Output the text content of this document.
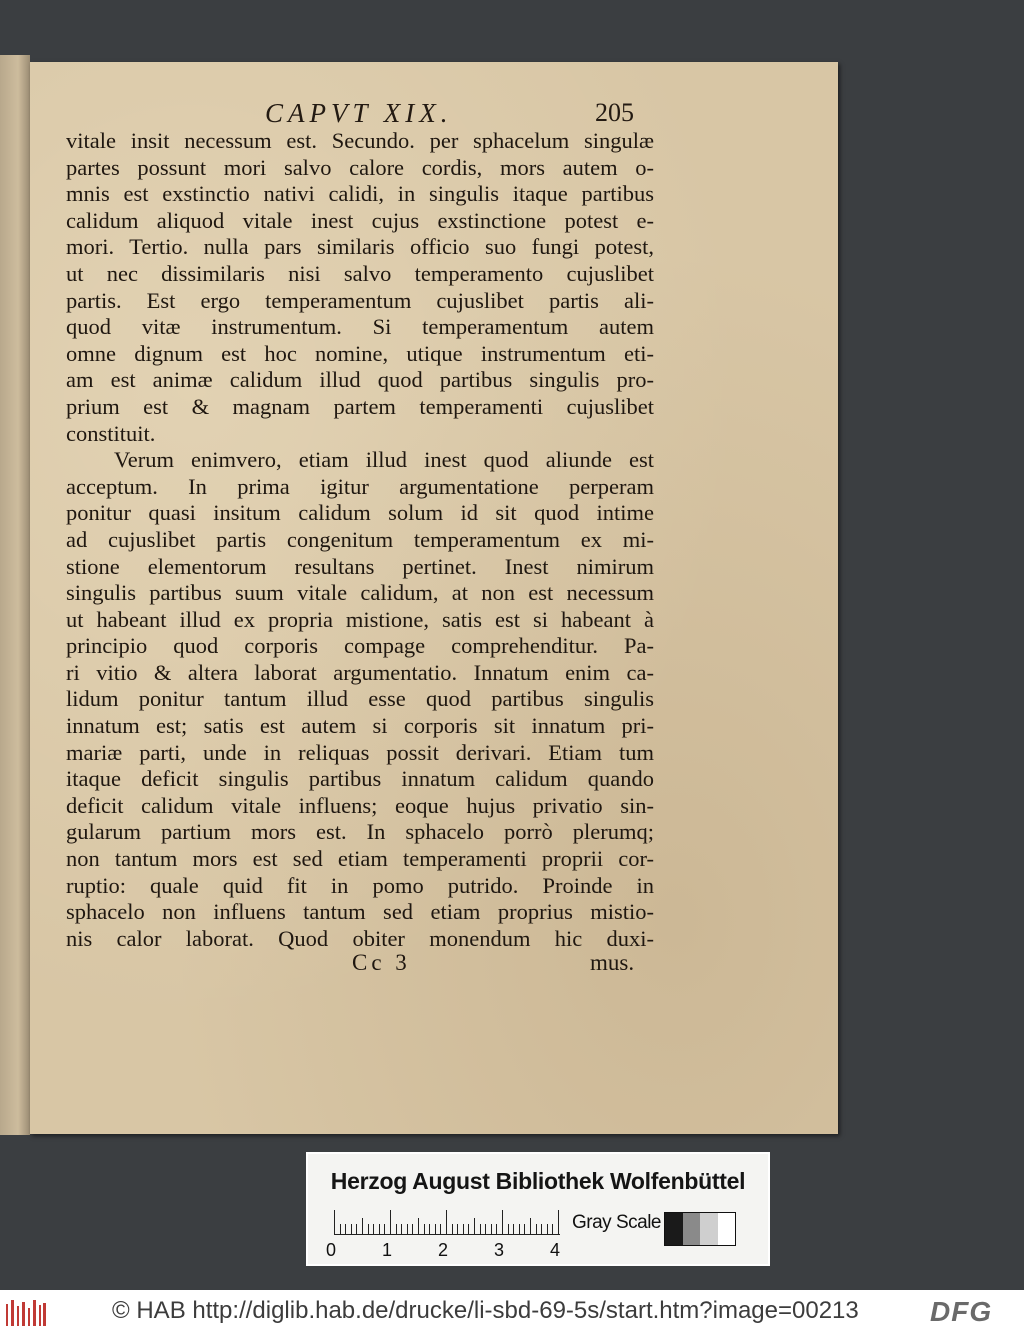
CAPVT XIX.	205
vitale insit necessum est. Secundo. per sphacelum singulæ
partes possunt mori salvo calore cordis, mors autem o-
mnis est exstinctio nativi calidi, in singulis itaque partibus
calidum aliquod vitale inest cujus exstinctione potest e-
mori. Tertio. nulla pars similaris officio suo fungi potest,
ut nec dissimilaris nisi salvo temperamento cujuslibet
partis. Est ergo temperamentum cujuslibet partis ali-
quod vitæ instrumentum. Si temperamentum autem
omne dignum est hoc nomine, utique instrumentum eti-
am est animæ calidum illud quod partibus singulis pro-
prium est & magnam partem temperamenti cujuslibet
constituit.
Verum enimvero, etiam illud inest quod aliunde est
acceptum. In prima igitur argumentatione perperam
ponitur quasi insitum calidum solum id sit quod intime
ad cujuslibet partis congenitum temperamentum ex mi-
stione elementorum resultans pertinet. Inest nimirum
singulis partibus suum vitale calidum, at non est necessum
ut habeant illud ex propria mistione, satis est si habeant à
principio quod corporis compage comprehenditur. Pa-
ri vitio & altera laborat argumentatio. Innatum enim ca-
lidum ponitur tantum illud esse quod partibus singulis
innatum est; satis est autem si corporis sit innatum pri-
mariæ parti, unde in reliquas possit derivari. Etiam tum
itaque deficit singulis partibus innatum calidum quando
deficit calidum vitale influens; eoque hujus privatio sin-
gularum partium mors est. In sphacelo porrò plerumq;
non tantum mors est sed etiam temperamenti proprii cor-
ruptio: quale quid fit in pomo putrido. Proinde in
sphacelo non influens tantum sed etiam proprius mistio-
nis calor laborat. Quod obiter monendum hic duxi-
Cc 3	mus.
Herzog August Bibliothek Wolfenbüttel
0	1	2	3	4
Gray Scale
© HAB http://diglib.hab.de/drucke/li-sbd-69-5s/start.htm?image=00213	DFG
